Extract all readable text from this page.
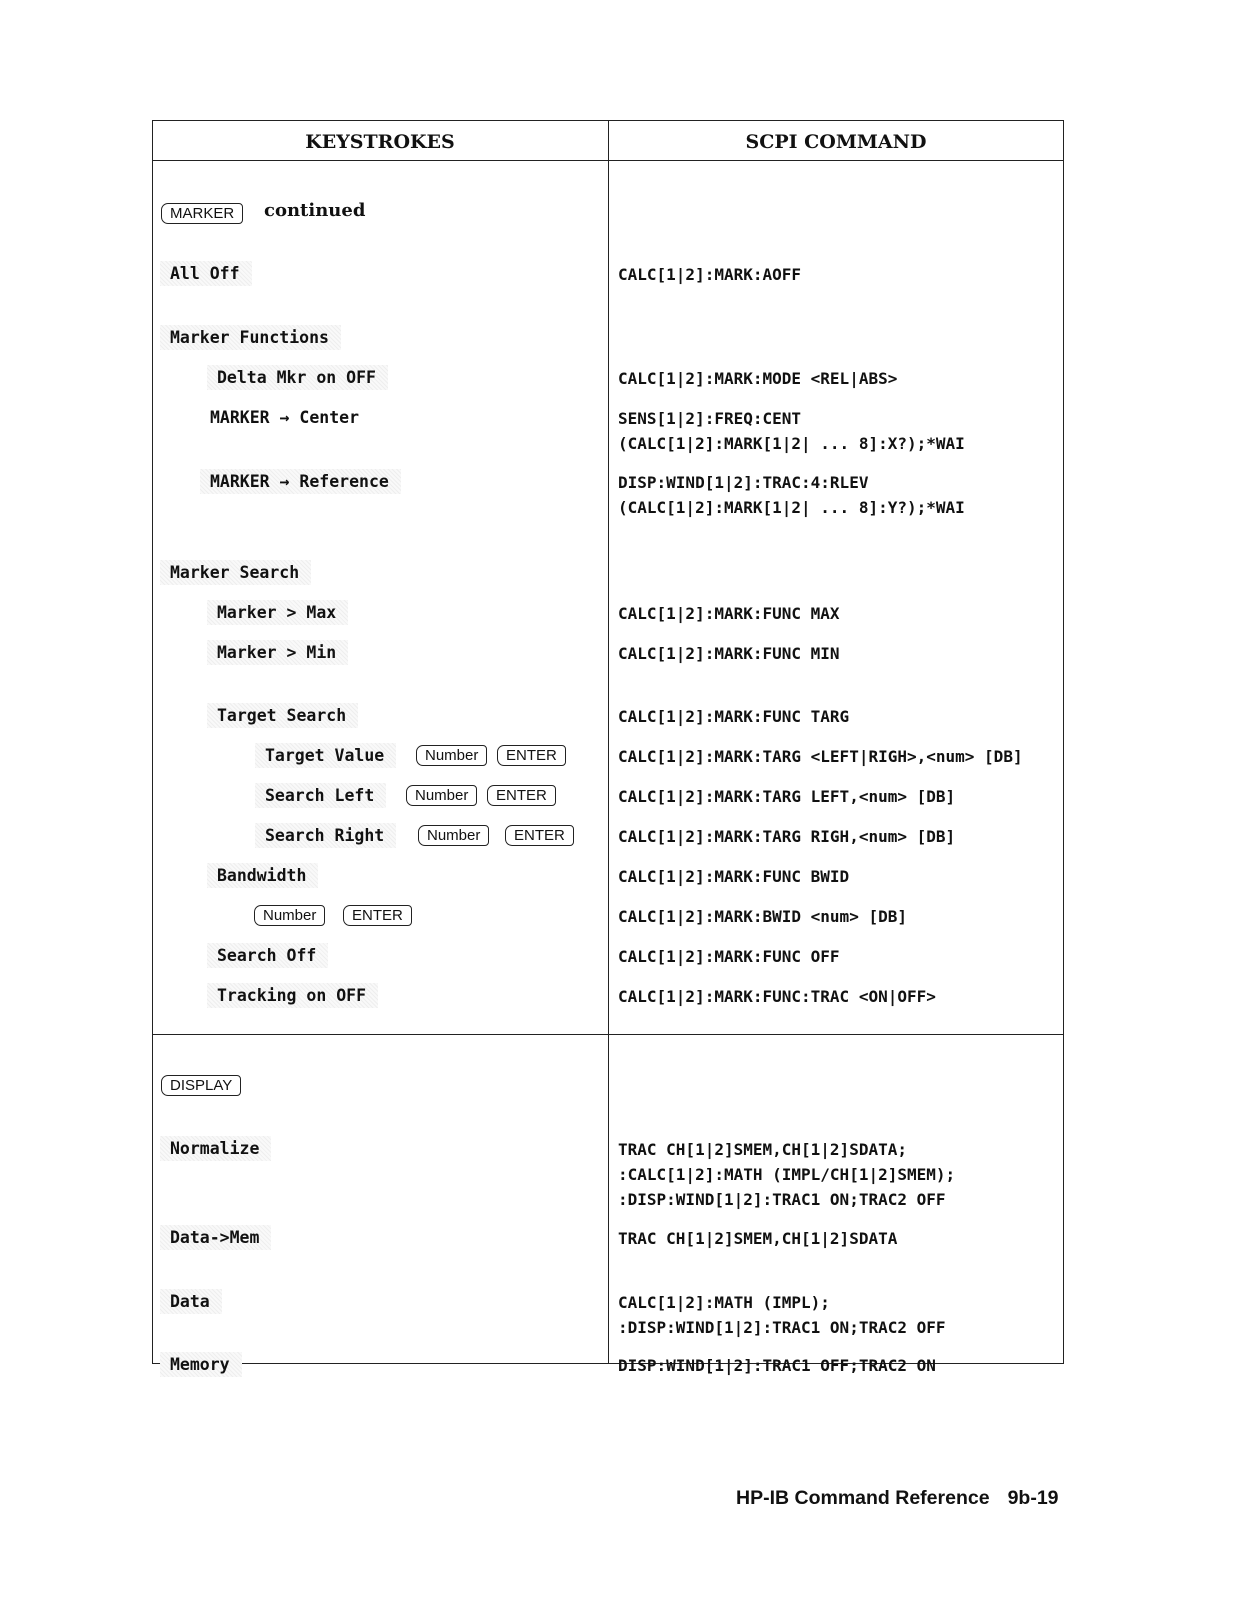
KEYSTROKES	SCPI COMMAND
MARKER	continued
All Off	CALC[1|2]:MARK:AOFF
Marker Functions
Delta Mkr on OFF	CALC[1|2]:MARK:MODE <REL|ABS>
MARKER → Center	SENS[1|2]:FREQ:CENT
(CALC[1|2]:MARK[1|2| ... 8]:X?);*WAI
MARKER → Reference	DISP:WIND[1|2]:TRAC:4:RLEV
(CALC[1|2]:MARK[1|2| ... 8]:Y?);*WAI
Marker Search
Marker > Max	CALC[1|2]:MARK:FUNC MAX
Marker > Min	CALC[1|2]:MARK:FUNC MIN
Target Search	CALC[1|2]:MARK:FUNC TARG
Target Value	Number	ENTER	CALC[1|2]:MARK:TARG <LEFT|RIGH>,<num> [DB]
Search Left	Number	ENTER	CALC[1|2]:MARK:TARG LEFT,<num> [DB]
Search Right	Number	ENTER	CALC[1|2]:MARK:TARG RIGH,<num> [DB]
Bandwidth	CALC[1|2]:MARK:FUNC BWID
Number	ENTER	CALC[1|2]:MARK:BWID <num> [DB]
Search Off	CALC[1|2]:MARK:FUNC OFF
Tracking on OFF	CALC[1|2]:MARK:FUNC:TRAC <ON|OFF>
DISPLAY
Normalize	TRAC CH[1|2]SMEM,CH[1|2]SDATA;
:CALC[1|2]:MATH (IMPL/CH[1|2]SMEM);
:DISP:WIND[1|2]:TRAC1 ON;TRAC2 OFF
Data->Mem	TRAC CH[1|2]SMEM,CH[1|2]SDATA
Data	CALC[1|2]:MATH (IMPL);
:DISP:WIND[1|2]:TRAC1 ON;TRAC2 OFF
Memory	DISP:WIND[1|2]:TRAC1 OFF;TRAC2 ON
HP-IB Command Reference 9b-19
